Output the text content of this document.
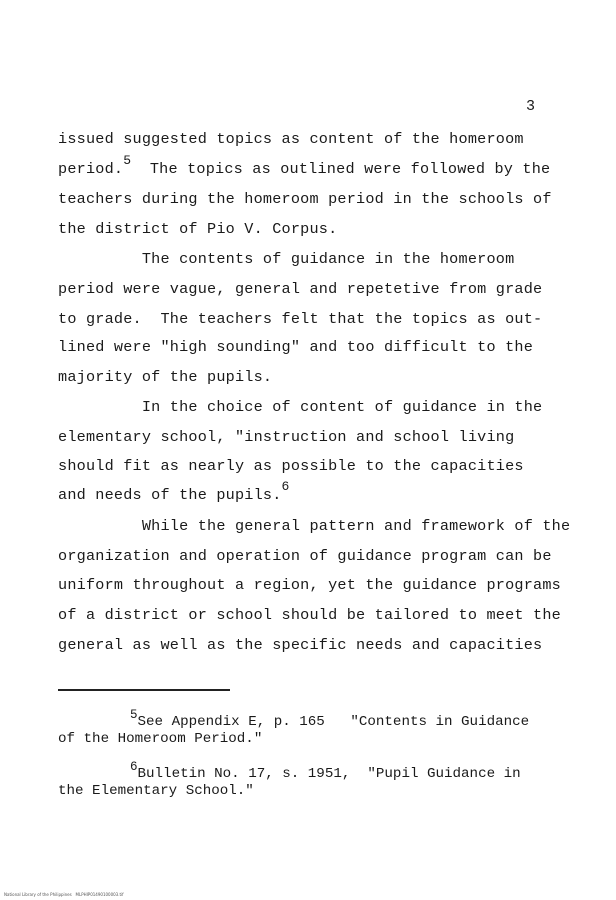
3
issued suggested topics as content of the homeroom
period.5  The topics as outlined were followed by the
teachers during the homeroom period in the schools of
the district of Pio V. Corpus.
The contents of guidance in the homeroom
period were vague, general and repetetive from grade
to grade.  The teachers felt that the topics as out-
lined were "high sounding" and too difficult to the
majority of the pupils.
In the choice of content of guidance in the
elementary school, "instruction and school living
should fit as nearly as possible to the capacities
and needs of the pupils.6
While the general pattern and framework of the
organization and operation of guidance program can be
uniform throughout a region, yet the guidance programs
of a district or school should be tailored to meet the
general as well as the specific needs and capacities
5See Appendix E, p. 165   "Contents in Guidance
of the Homeroom Period."
6Bulletin No. 17, s. 1951,  "Pupil Guidance in
the Elementary School."
National Library of the Philippines   MLPHIP01490100003.tif
